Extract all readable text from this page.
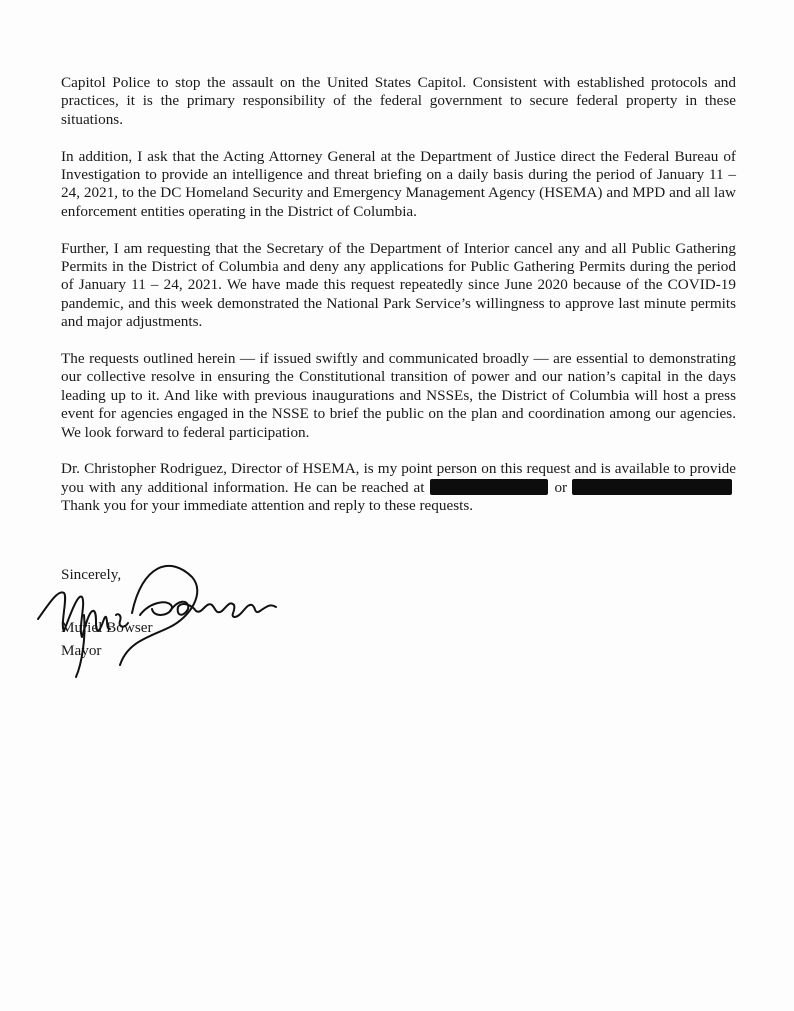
Capitol Police to stop the assault on the United States Capitol. Consistent with established protocols and practices, it is the primary responsibility of the federal government to secure federal property in these situations.

In addition, I ask that the Acting Attorney General at the Department of Justice direct the Federal Bureau of Investigation to provide an intelligence and threat briefing on a daily basis during the period of January 11 – 24, 2021, to the DC Homeland Security and Emergency Management Agency (HSEMA) and MPD and all law enforcement entities operating in the District of Columbia.

Further, I am requesting that the Secretary of the Department of Interior cancel any and all Public Gathering Permits in the District of Columbia and deny any applications for Public Gathering Permits during the period of January 11 – 24, 2021. We have made this request repeatedly since June 2020 because of the COVID-19 pandemic, and this week demonstrated the National Park Service’s willingness to approve last minute permits and major adjustments.

The requests outlined herein — if issued swiftly and communicated broadly — are essential to demonstrating our collective resolve in ensuring the Constitutional transition of power and our nation’s capital in the days leading up to it. And like with previous inaugurations and NSSEs, the District of Columbia will host a press event for agencies engaged in the NSSE to brief the public on the plan and coordination among our agencies. We look forward to federal participation.

Dr. Christopher Rodriguez, Director of HSEMA, is my point person on this request and is available to provide you with any additional information. He can be reached at	or Thank you for your immediate attention and reply to these requests.

Sincerely,
Muriel Bowser
Mayor
